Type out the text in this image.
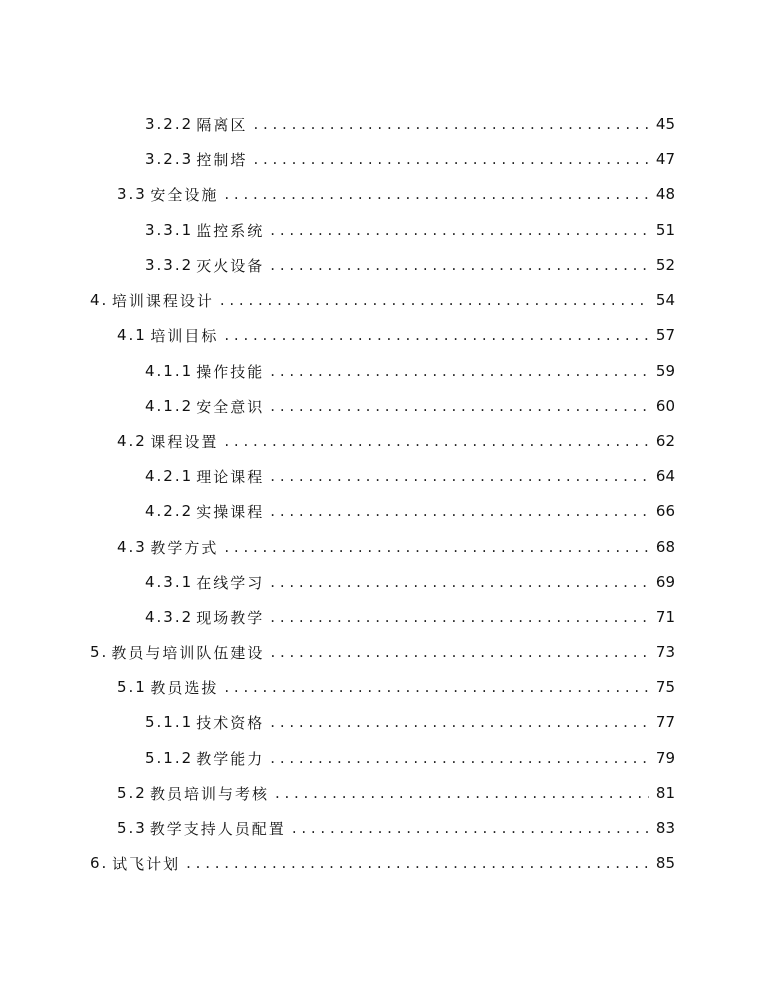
3.2.2 隔离区 . . .	45
3.2.3 控制塔 . . .	47
3.3 安全设施 . . .	48
3.3.1 监控系统 . . .	51
3.3.2 灭火设备 . . .	52
4. 培训课程设计 . . .	54
4.1 培训目标 . . .	57
4.1.1 操作技能 . . .	59
4.1.2 安全意识 . . .	60
4.2 课程设置 . . .	62
4.2.1 理论课程 . . .	64
4.2.2 实操课程 . . .	66
4.3 教学方式 . . .	68
4.3.1 在线学习 . . .	69
4.3.2 现场教学 . . .	71
5. 教员与培训队伍建设 . . .	73
5.1 教员选拔 . . .	75
5.1.1 技术资格 . . .	77
5.1.2 教学能力 . . .	79
5.2 教员培训与考核 . . .	81
5.3 教学支持人员配置 . . .	83
6. 试飞计划 . . .	85
